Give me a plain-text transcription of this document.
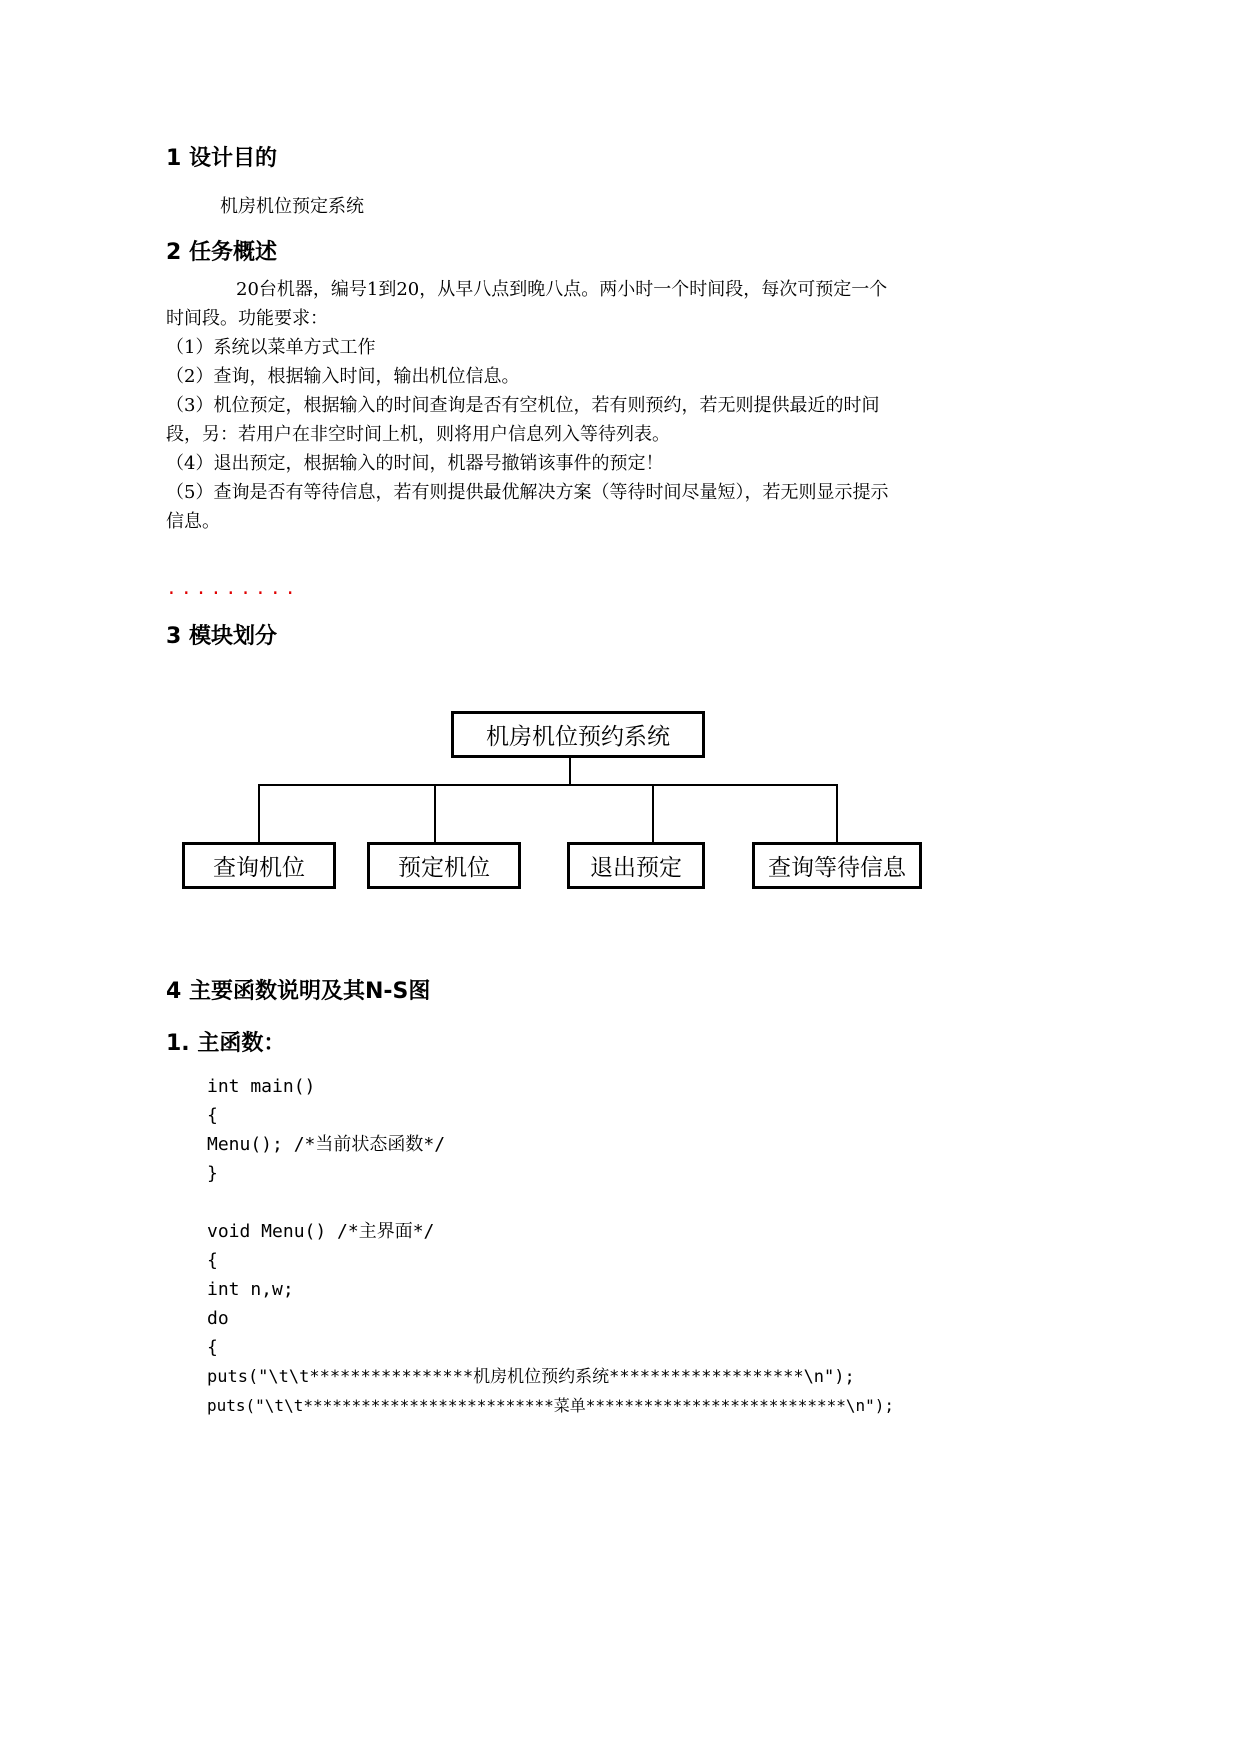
1 设计目的
机房机位预定系统
2 任务概述
20台机器，编号1到20，从早八点到晚八点。两小时一个时间段，每次可预定一个
时间段。功能要求：
（1）系统以菜单方式工作
（2）查询，根据输入时间，输出机位信息。
（3）机位预定，根据输入的时间查询是否有空机位，若有则预约，若无则提供最近的时间
段，另：若用户在非空时间上机，则将用户信息列入等待列表。
（4）退出预定，根据输入的时间，机器号撤销该事件的预定！
（5）查询是否有等待信息，若有则提供最优解决方案（等待时间尽量短），若无则显示提示
信息。
.........
3 模块划分
机房机位预约系统
查询机位	预定机位	退出预定	查询等待信息
4 主要函数说明及其N-S图
1. 主函数：
int main()
{
Menu(); /*当前状态函数*/
}
void Menu() /*主界面*/
{
int n,w;
do
{
puts("\t\t****************机房机位预约系统*******************\n");
puts("\t\t**************************菜单***************************\n");
